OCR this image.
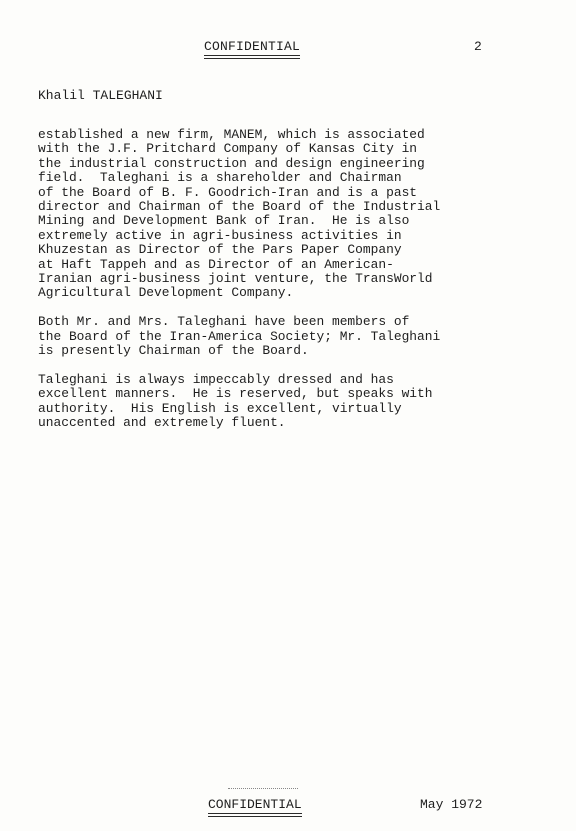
CONFIDENTIAL	2
Khalil TALEGHANI

established a new firm, MANEM, which is associated
with the J.F. Pritchard Company of Kansas City in
the industrial construction and design engineering
field.  Taleghani is a shareholder and Chairman
of the Board of B. F. Goodrich-Iran and is a past
director and Chairman of the Board of the Industrial
Mining and Development Bank of Iran.  He is also
extremely active in agri-business activities in
Khuzestan as Director of the Pars Paper Company
at Haft Tappeh and as Director of an American-
Iranian agri-business joint venture, the TransWorld
Agricultural Development Company.

Both Mr. and Mrs. Taleghani have been members of
the Board of the Iran-America Society; Mr. Taleghani
is presently Chairman of the Board.

Taleghani is always impeccably dressed and has
excellent manners.  He is reserved, but speaks with
authority.  His English is excellent, virtually
unaccented and extremely fluent.

CONFIDENTIAL	May 1972
